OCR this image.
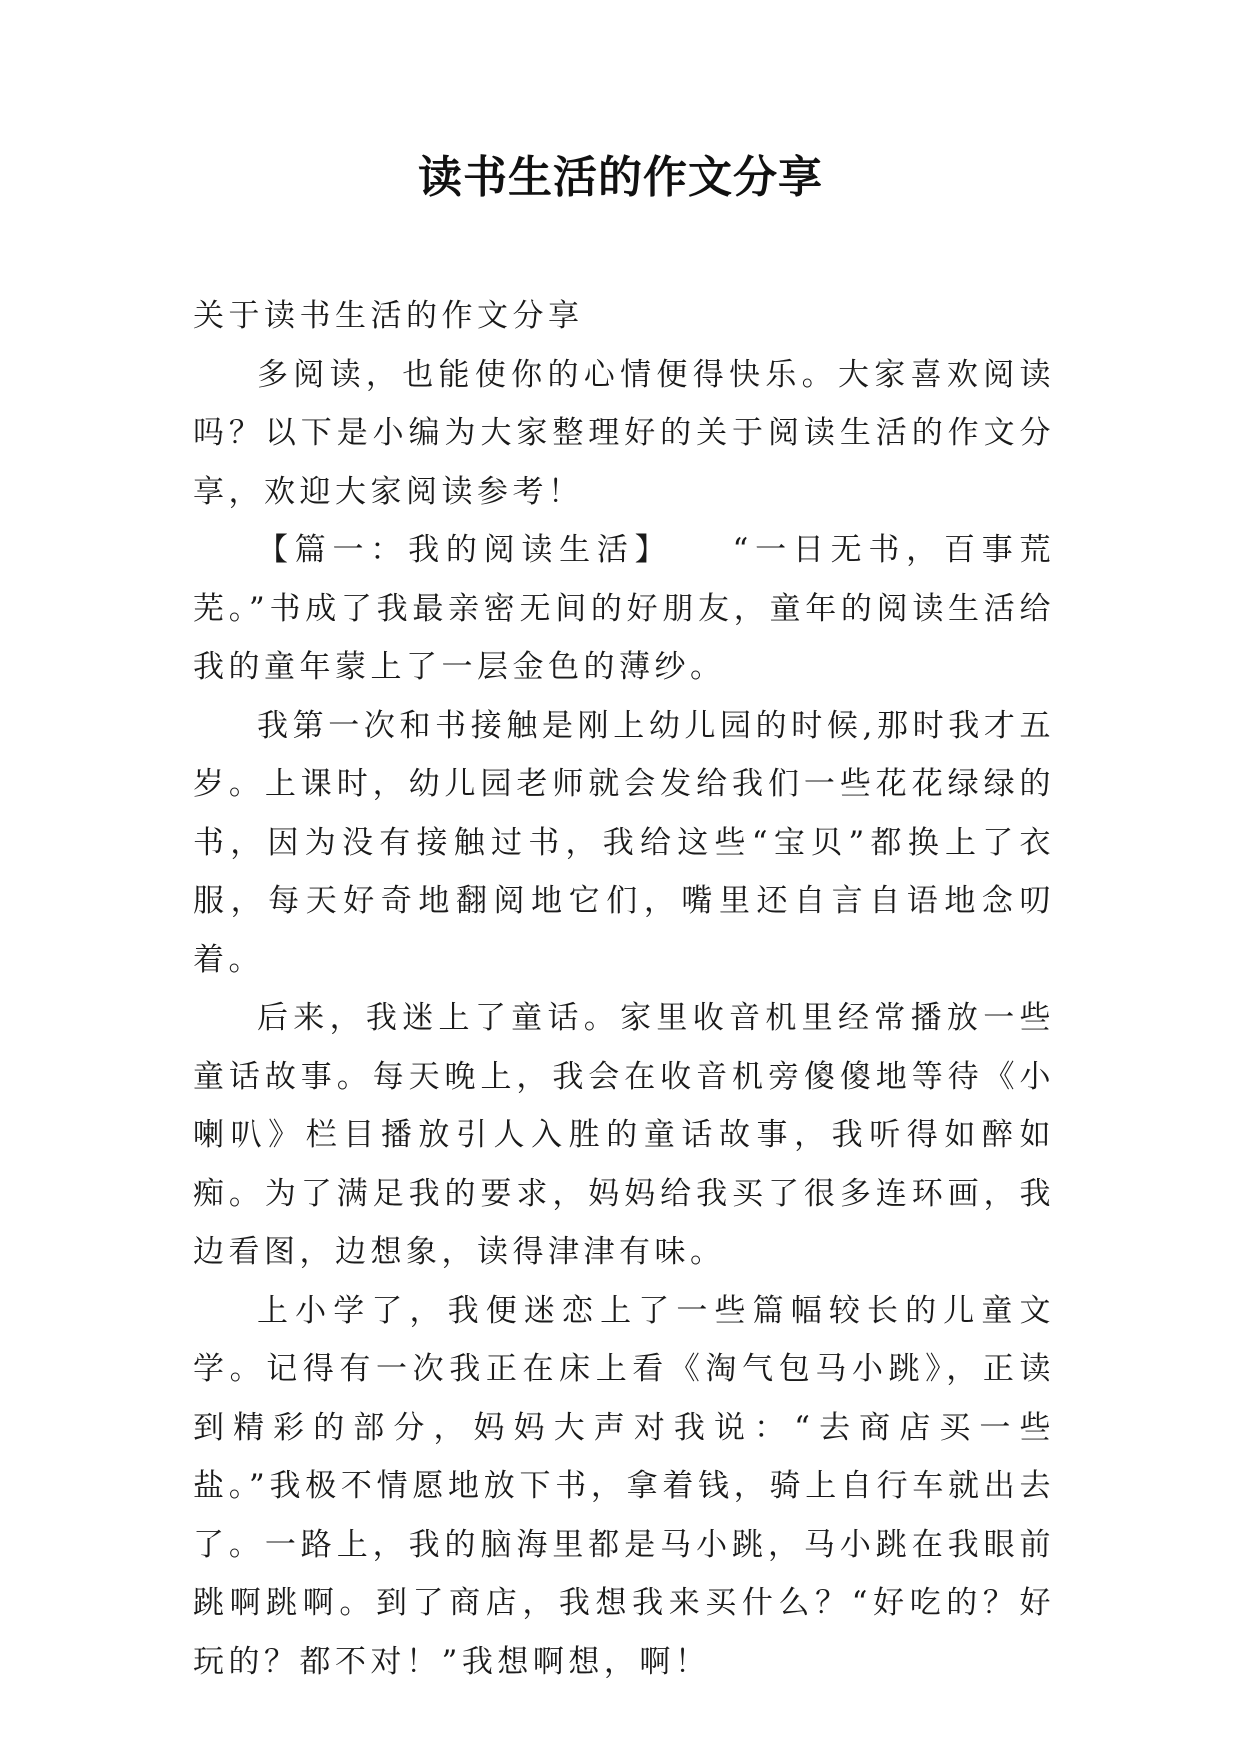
读书生活的作文分享

关于读书生活的作文分享

多阅读，也能使你的心情便得快乐。大家喜欢阅读吗？以下是小编为大家整理好的关于阅读生活的作文分享，欢迎大家阅读参考！

【篇一：我的阅读生活】　　“一日无书，百事荒芜。”书成了我最亲密无间的好朋友，童年的阅读生活给我的童年蒙上了一层金色的薄纱。

我第一次和书接触是刚上幼儿园的时候,那时我才五岁。上课时，幼儿园老师就会发给我们一些花花绿绿的书，因为没有接触过书，我给这些“宝贝”都换上了衣服，每天好奇地翻阅地它们，嘴里还自言自语地念叨着。

后来，我迷上了童话。家里收音机里经常播放一些童话故事。每天晚上，我会在收音机旁傻傻地等待《小喇叭》栏目播放引人入胜的童话故事，我听得如醉如痴。为了满足我的要求，妈妈给我买了很多连环画，我边看图，边想象，读得津津有味。

上小学了，我便迷恋上了一些篇幅较长的儿童文学。记得有一次我正在床上看《淘气包马小跳》，正读到精彩的部分，妈妈大声对我说：“去商店买一些盐。”我极不情愿地放下书，拿着钱，骑上自行车就出去了。一路上，我的脑海里都是马小跳，马小跳在我眼前跳啊跳啊。到了商店，我想我来买什么？“好吃的？好玩的？都不对！”我想啊想，啊！
